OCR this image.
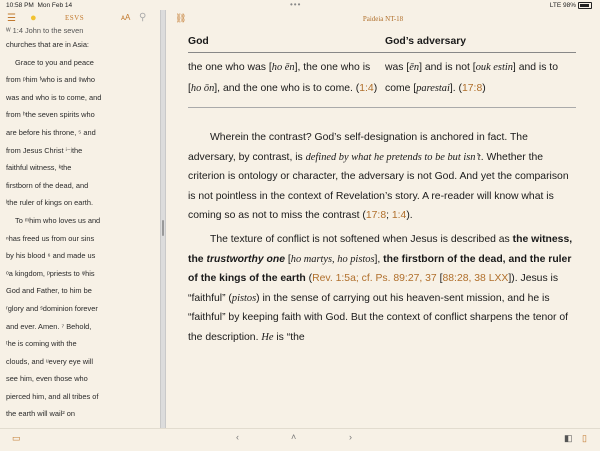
10:58 PM Mon Feb 14	•••	LTE 98%
☰ ●	ESVS	ᴀA ⚲
ᵂ 1:4 John to the seven
churches that are in Asia:
Grace to you and peace
from ᵖhim ᶠwho is and ᵍwho
was and who is to come, and
from ʰthe seven spirits who
are before his throne, ⁵ and
from Jesus Christ ⁱ⁻ʲthe
faithful witness, ᵏthe
firstborn of the dead, and
ˡthe ruler of kings on earth.
To ᵐhim who loves us and
ⁿhas freed us from our sins
by his blood ⁶ and made us
ᵒa kingdom, ᵖpriests to ᵠhis
God and Father, to him be
ʳglory and ˢdominion forever
and ever. Amen. ⁷ Behold,
ᵗhe is coming with the
clouds, and ᵘevery eye will
see him, even those who
pierced him, and all tribes of
the earth will wail² on
⛓	Paideia NT-18
God	God’s adversary
the one who was [ho ēn], the one who is [ho ōn], and the one who is to come. (1:4)	was [ēn] and is not [ouk estin] and is to come [parestai]. (17:8)

Wherein the contrast? God’s self-designation is anchored in fact. The adversary, by contrast, is defined by what he pretends to be but isn’t. Whether the criterion is ontology or character, the adversary is not God. And yet the comparison is not pointless in the context of Revelation’s story. A re-reader will know what is coming so as not to miss the contrast (17:8; 1:4).

The texture of conflict is not softened when Jesus is described as the witness, the trustworthy one [ho martys, ho pistos], the firstborn of the dead, and the ruler of the kings of the earth (Rev. 1:5a; cf. Ps. 89:27, 37 [88:28, 38 LXX]). Jesus is “faithful” (pistos) in the sense of carrying out his heaven-sent mission, and he is “faithful” by keeping faith with God. But the context of conflict sharpens the tenor of the description. He is “the

▭	‹	˄	›	◧ ▯
